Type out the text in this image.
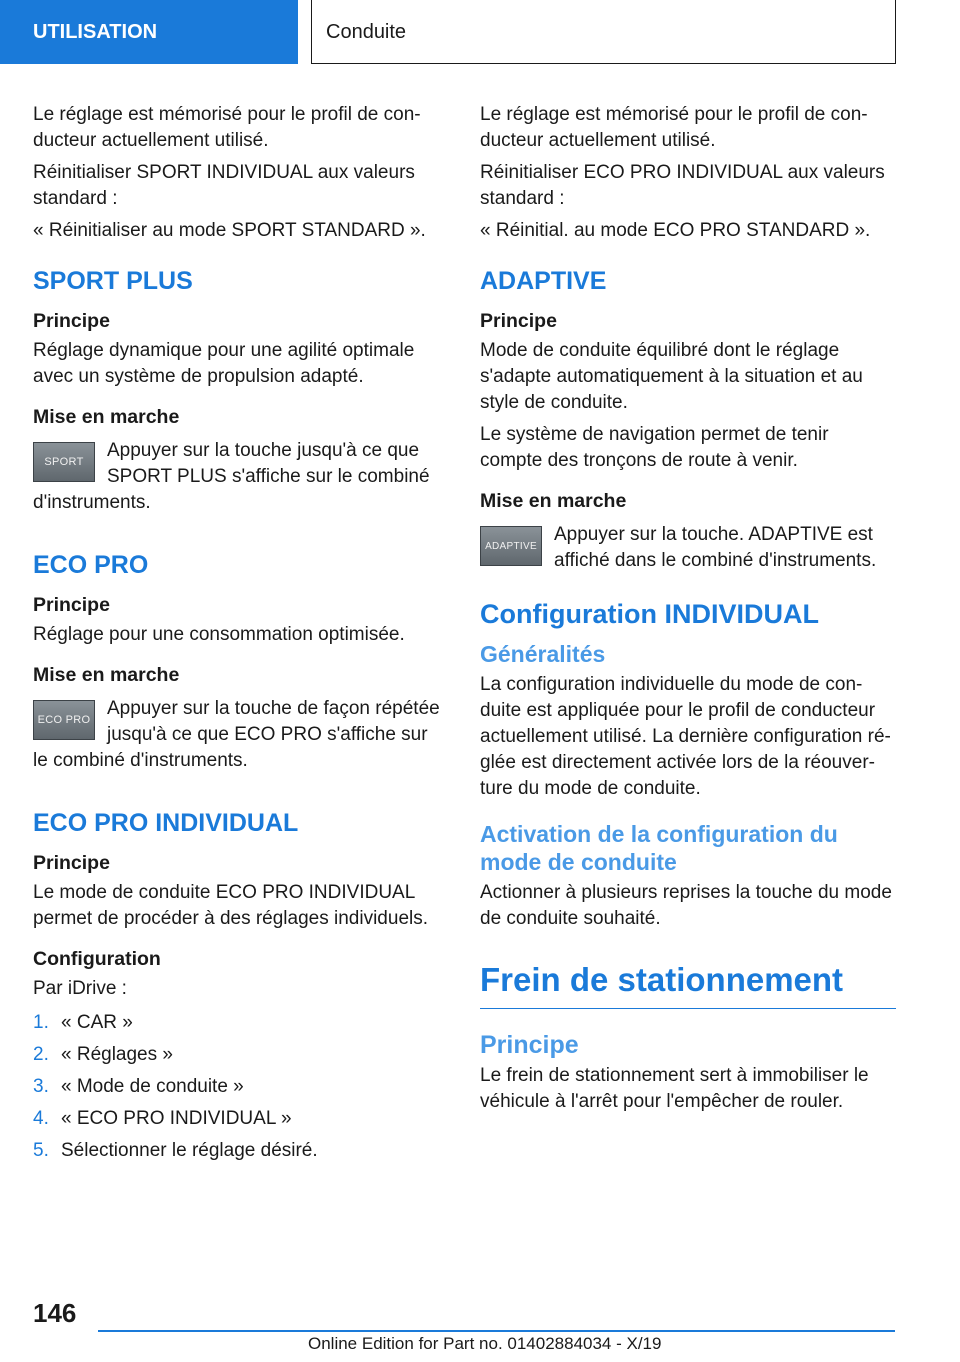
UTILISATION	Conduite

Le réglage est mémorisé pour le profil de conducteur actuellement utilisé.

Réinitialiser SPORT INDIVIDUAL aux valeurs standard :

« Réinitialiser au mode SPORT STANDARD ».

SPORT PLUS
Principe

Réglage dynamique pour une agilité optimale avec un système de propulsion adapté.

Mise en marche
SPORT

Appuyer sur la touche jusqu'à ce que SPORT PLUS s'affiche sur le combiné d'instruments.

ECO PRO
Principe

Réglage pour une consommation optimisée.

Mise en marche
ECO PRO

Appuyer sur la touche de façon répétée jusqu'à ce que ECO PRO s'affiche sur le combiné d'instruments.

ECO PRO INDIVIDUAL
Principe

Le mode de conduite ECO PRO INDIVIDUAL permet de procéder à des réglages individuels.

Configuration

Par iDrive :

1. « CAR »
2. « Réglages »
3. « Mode de conduite »
4. « ECO PRO INDIVIDUAL »
5. Sélectionner le réglage désiré.

Le réglage est mémorisé pour le profil de conducteur actuellement utilisé.

Réinitialiser ECO PRO INDIVIDUAL aux valeurs standard :

« Réinitial. au mode ECO PRO STANDARD ».

ADAPTIVE
Principe

Mode de conduite équilibré dont le réglage s'adapte automatiquement à la situation et au style de conduite.

Le système de navigation permet de tenir compte des tronçons de route à venir.

Mise en marche
ADAPTIVE

Appuyer sur la touche. ADAPTIVE est affiché dans le combiné d'instruments.

Configuration INDIVIDUAL
Généralités

La configuration individuelle du mode de conduite est appliquée pour le profil de conducteur actuellement utilisé. La dernière configuration réglée est directement activée lors de la réouverture du mode de conduite.

Activation de la configuration du mode de conduite

Actionner à plusieurs reprises la touche du mode de conduite souhaité.

Frein de stationnement
Principe

Le frein de stationnement sert à immobiliser le véhicule à l'arrêt pour l'empêcher de rouler.

146
Online Edition for Part no. 01402884034 - X/19
